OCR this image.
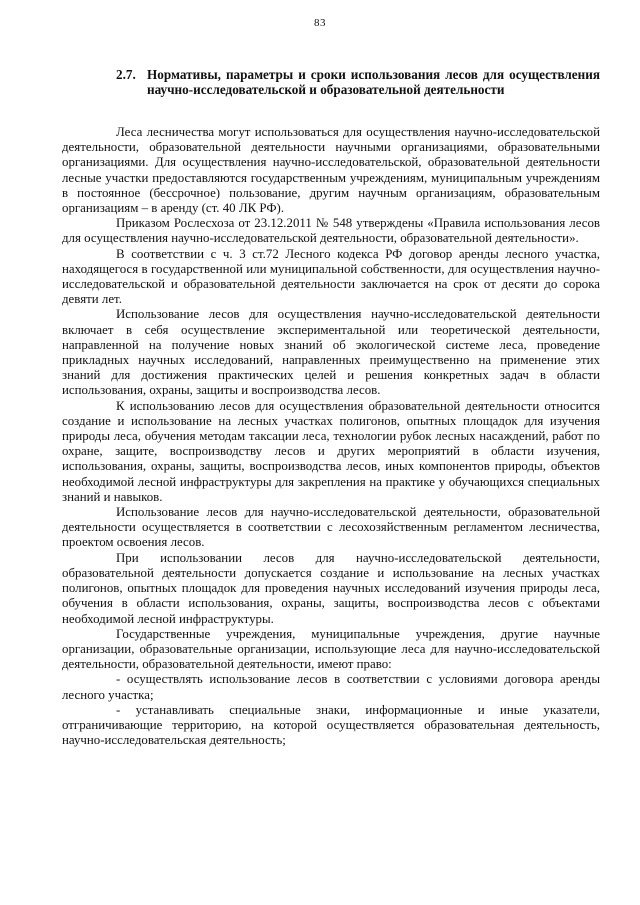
83
2.7. Нормативы, параметры и сроки использования лесов для осуществления научно-исследовательской и образовательной деятельности

Леса лесничества могут использоваться для осуществления научно-исследовательской деятельности, образовательной деятельности научными организациями, образовательными организациями. Для осуществления научно-исследовательской, образовательной деятельности лесные участки предоставляются государственным учреждениям, муниципальным учреждениям в постоянное (бессрочное) пользование, другим научным организациям, образовательным организациям – в аренду (ст. 40 ЛК РФ).

Приказом Рослесхоза от 23.12.2011 № 548 утверждены «Правила использования лесов для осуществления научно-исследовательской деятельности, образовательной деятельности».

В соответствии с ч. 3 ст.72 Лесного кодекса РФ договор аренды лесного участка, находящегося в государственной или муниципальной собственности, для осуществления научно-исследовательской и образовательной деятельности заключается на срок от десяти до сорока девяти лет.

Использование лесов для осуществления научно-исследовательской деятельности включает в себя осуществление экспериментальной или теоретической деятельности, направленной на получение новых знаний об экологической системе леса, проведение прикладных научных исследований, направленных преимущественно на применение этих знаний для достижения практических целей и решения конкретных задач в области использования, охраны, защиты и воспроизводства лесов.

К использованию лесов для осуществления образовательной деятельности относится создание и использование на лесных участках полигонов, опытных площадок для изучения природы леса, обучения методам таксации леса, технологии рубок лесных насаждений, работ по охране, защите, воспроизводству лесов и других мероприятий в области изучения, использования, охраны, защиты, воспроизводства лесов, иных компонентов природы, объектов необходимой лесной инфраструктуры для закрепления на практике у обучающихся специальных знаний и навыков.

Использование лесов для научно-исследовательской деятельности, образовательной деятельности осуществляется в соответствии с лесохозяйственным регламентом лесничества, проектом освоения лесов.

При использовании лесов для научно-исследовательской деятельности, образовательной деятельности допускается создание и использование на лесных участках полигонов, опытных площадок для проведения научных исследований изучения природы леса, обучения в области использования, охраны, защиты, воспроизводства лесов с объектами необходимой лесной инфраструктуры.

Государственные учреждения, муниципальные учреждения, другие научные организации, образовательные организации, использующие леса для научно-исследовательской деятельности, образовательной деятельности, имеют право:

- осуществлять использование лесов в соответствии с условиями договора аренды лесного участка;

- устанавливать специальные знаки, информационные и иные указатели, отграничивающие территорию, на которой осуществляется образовательная деятельность, научно-исследовательская деятельность;
